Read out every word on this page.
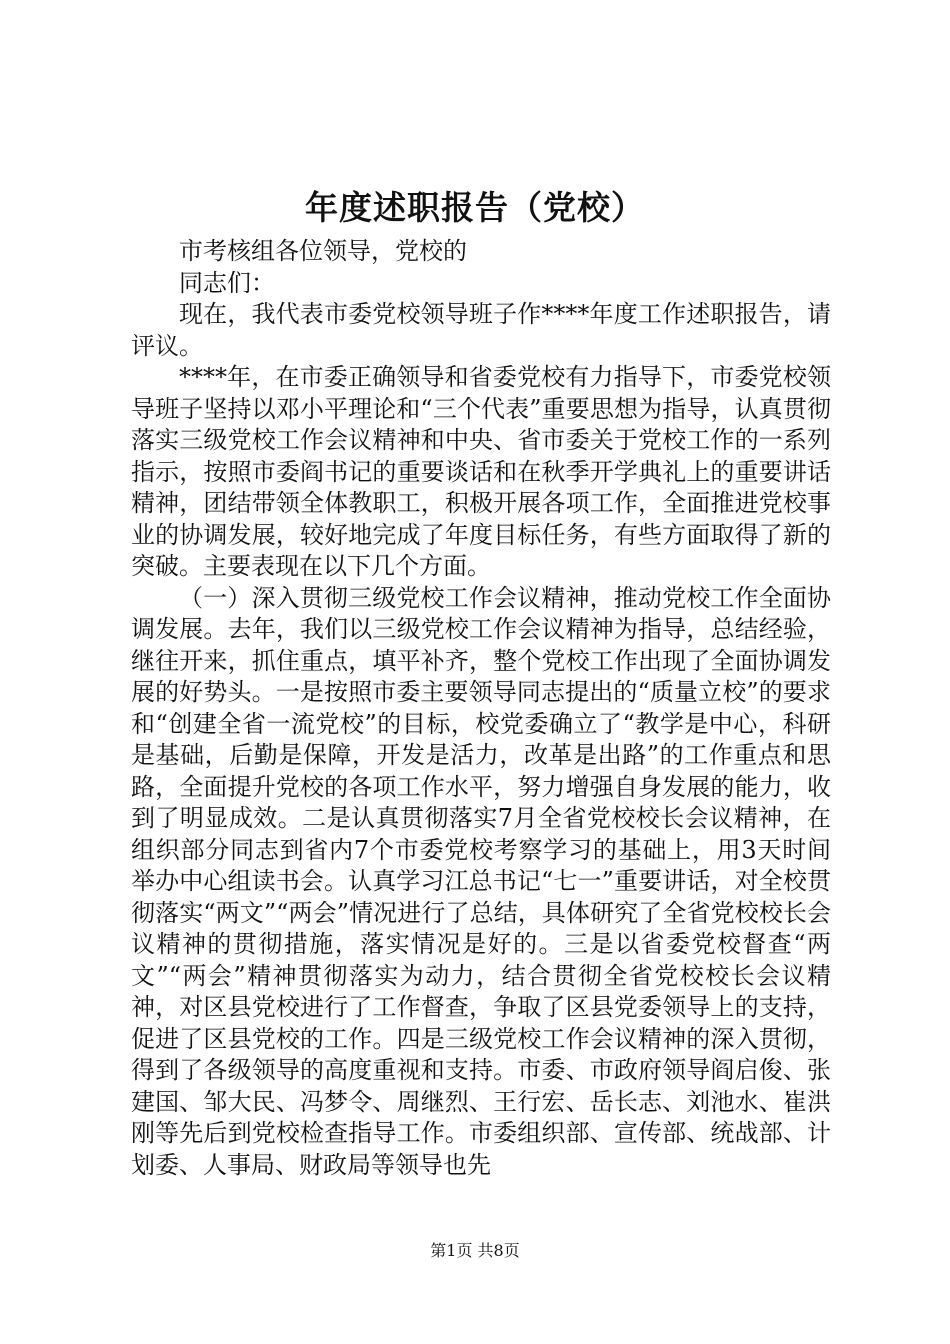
年度述职报告（党校）

市考核组各位领导，党校的

同志们：

现在，我代表市委党校领导班子作****年度工作述职报告，请评议。

****年，在市委正确领导和省委党校有力指导下，市委党校领导班子坚持以邓小平理论和“三个代表”重要思想为指导，认真贯彻落实三级党校工作会议精神和中央、省市委关于党校工作的一系列指示，按照市委阎书记的重要谈话和在秋季开学典礼上的重要讲话精神，团结带领全体教职工，积极开展各项工作，全面推进党校事业的协调发展，较好地完成了年度目标任务，有些方面取得了新的突破。主要表现在以下几个方面。

（一）深入贯彻三级党校工作会议精神，推动党校工作全面协调发展。去年，我们以三级党校工作会议精神为指导，总结经验，继往开来，抓住重点，填平补齐，整个党校工作出现了全面协调发展的好势头。一是按照市委主要领导同志提出的“质量立校”的要求和“创建全省一流党校”的目标，校党委确立了“教学是中心，科研是基础，后勤是保障，开发是活力，改革是出路”的工作重点和思路，全面提升党校的各项工作水平，努力增强自身发展的能力，收到了明显成效。二是认真贯彻落实7月全省党校校长会议精神，在组织部分同志到省内7个市委党校考察学习的基础上，用3天时间举办中心组读书会。认真学习江总书记“七一”重要讲话，对全校贯彻落实“两文”“两会”情况进行了总结，具体研究了全省党校校长会议精神的贯彻措施，落实情况是好的。三是以省委党校督查“两文”“两会”精神贯彻落实为动力，结合贯彻全省党校校长会议精神，对区县党校进行了工作督查，争取了区县党委领导上的支持，促进了区县党校的工作。四是三级党校工作会议精神的深入贯彻，得到了各级领导的高度重视和支持。市委、市政府领导阎启俊、张建国、邹大民、冯梦令、周继烈、王行宏、岳长志、刘池水、崔洪刚等先后到党校检查指导工作。市委组织部、宣传部、统战部、计划委、人事局、财政局等领导也先

第1页 共8页
